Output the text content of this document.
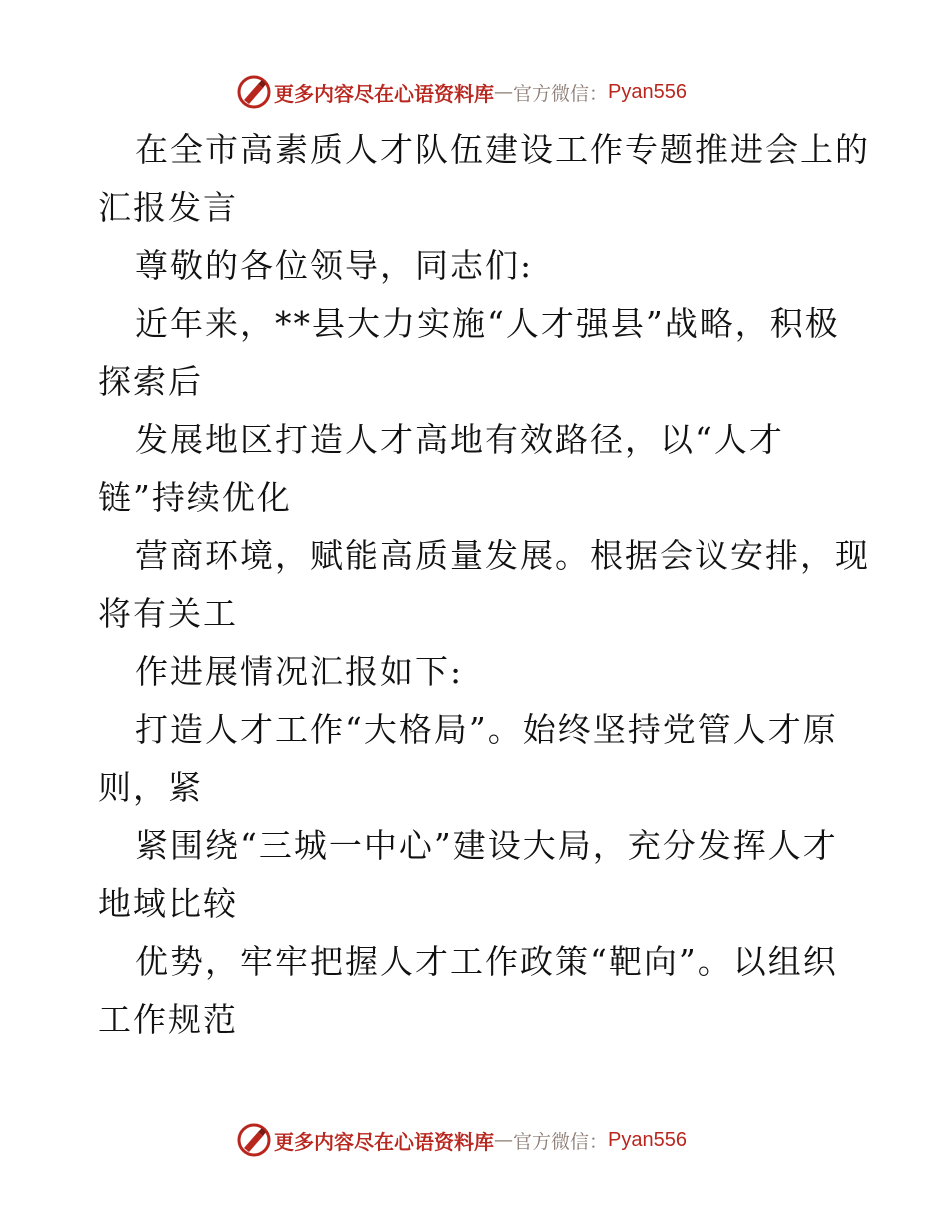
更多内容尽在心语资料库 — 官方微信： Pyan556
在全市高素质人才队伍建设工作专题推进会上的
汇报发言
尊敬的各位领导，同志们:
近年来，**县大力实施“人才强县”战略，积极
探索后
发展地区打造人才高地有效路径，以“人才
链”持续优化
营商环境，赋能高质量发展。根据会议安排，现
将有关工
作进展情况汇报如下:
打造人才工作“大格局”。始终坚持党管人才原
则，紧
紧围绕“三城一中心”建设大局，充分发挥人才
地域比较
优势，牢牢把握人才工作政策“靶向”。以组织
工作规范
更多内容尽在心语资料库 — 官方微信： Pyan556
